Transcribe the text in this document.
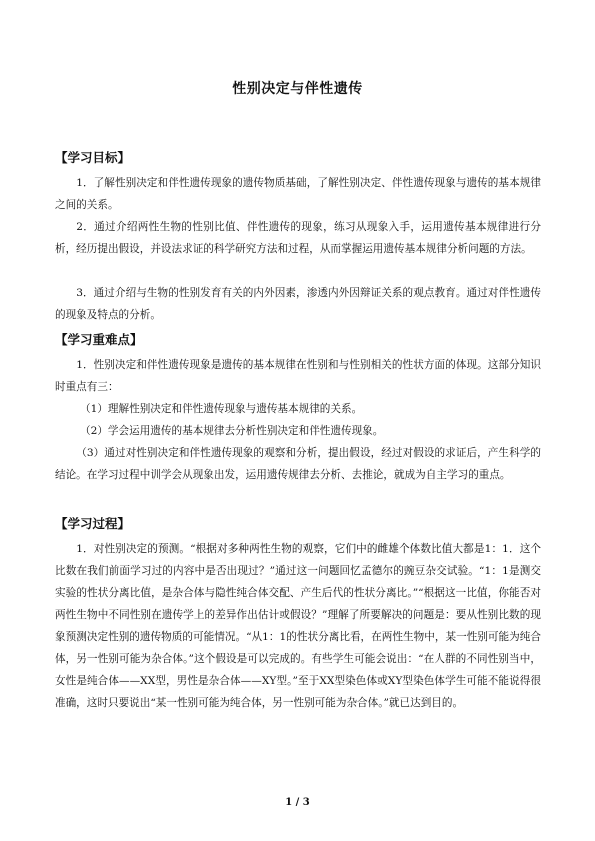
性别决定与伴性遗传
【学习目标】

1．了解性别决定和伴性遗传现象的遗传物质基础，了解性别决定、伴性遗传现象与遗传的基本规律之间的关系。

2．通过介绍两性生物的性别比值、伴性遗传的现象，练习从现象入手，运用遗传基本规律进行分析，经历提出假设，并设法求证的科学研究方法和过程，从而掌握运用遗传基本规律分析问题的方法。

3．通过介绍与生物的性别发育有关的内外因素，渗透内外因辩证关系的观点教育。通过对伴性遗传的现象及特点的分析。

【学习重难点】

1．性别决定和伴性遗传现象是遗传的基本规律在性别和与性别相关的性状方面的体现。这部分知识时重点有三：

（1）理解性别决定和伴性遗传现象与遗传基本规律的关系。

（2）学会运用遗传的基本规律去分析性别决定和伴性遗传现象。

（3）通过对性别决定和伴性遗传现象的观察和分析，提出假设，经过对假设的求证后，产生科学的结论。在学习过程中训学会从现象出发，运用遗传规律去分析、去推论，就成为自主学习的重点。

【学习过程】

1．对性别决定的预测。“根据对多种两性生物的观察，它们中的雌雄个体数比值大都是1：1．这个比数在我们前面学习过的内容中是否出现过？”通过这一问题回忆孟德尔的豌豆杂交试验。“1：1是测交实验的性状分离比值，是杂合体与隐性纯合体交配、产生后代的性状分离比。”“根据这一比值，你能否对两性生物中不同性别在遗传学上的差异作出估计或假设？”理解了所要解决的问题是：要从性别比数的现象预测决定性别的遗传物质的可能情况。“从1：1的性状分离比看，在两性生物中，某一性别可能为纯合体，另一性别可能为杂合体。”这个假设是可以完成的。有些学生可能会说出：“在人群的不同性别当中，女性是纯合体——XX型，男性是杂合体——XY型。”至于XX型染色体或XY型染色体学生可能不能说得很准确，这时只要说出“某一性别可能为纯合体，另一性别可能为杂合体。”就已达到目的。

1 / 3
